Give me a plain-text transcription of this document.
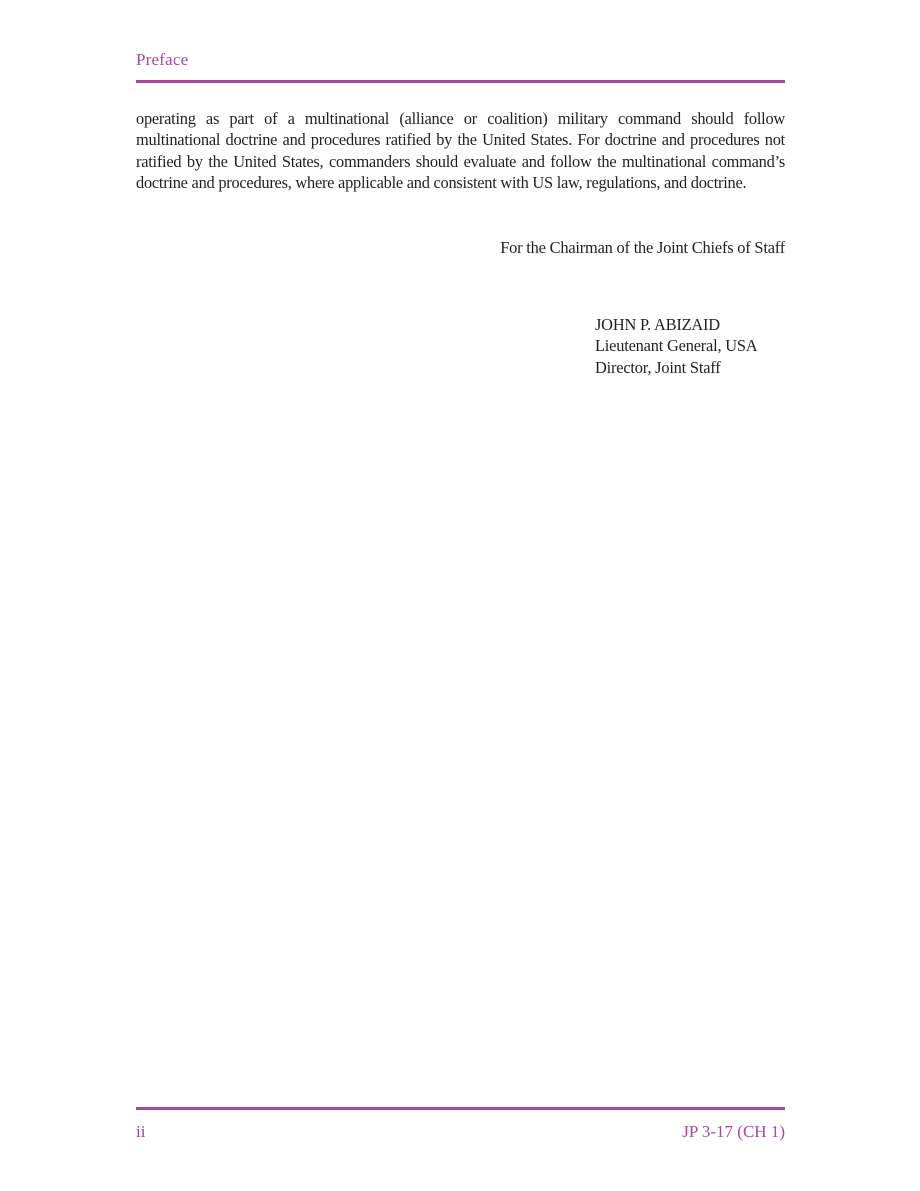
Preface

operating as part of a multinational (alliance or coalition) military command should follow multinational doctrine and procedures ratified by the United States. For doctrine and procedures not ratified by the United States, commanders should evaluate and follow the multinational command’s doctrine and procedures, where applicable and consistent with US law, regulations, and doctrine.

For the Chairman of the Joint Chiefs of Staff
JOHN P. ABIZAID
Lieutenant General, USA
Director, Joint Staff
ii	JP 3-17 (CH 1)
